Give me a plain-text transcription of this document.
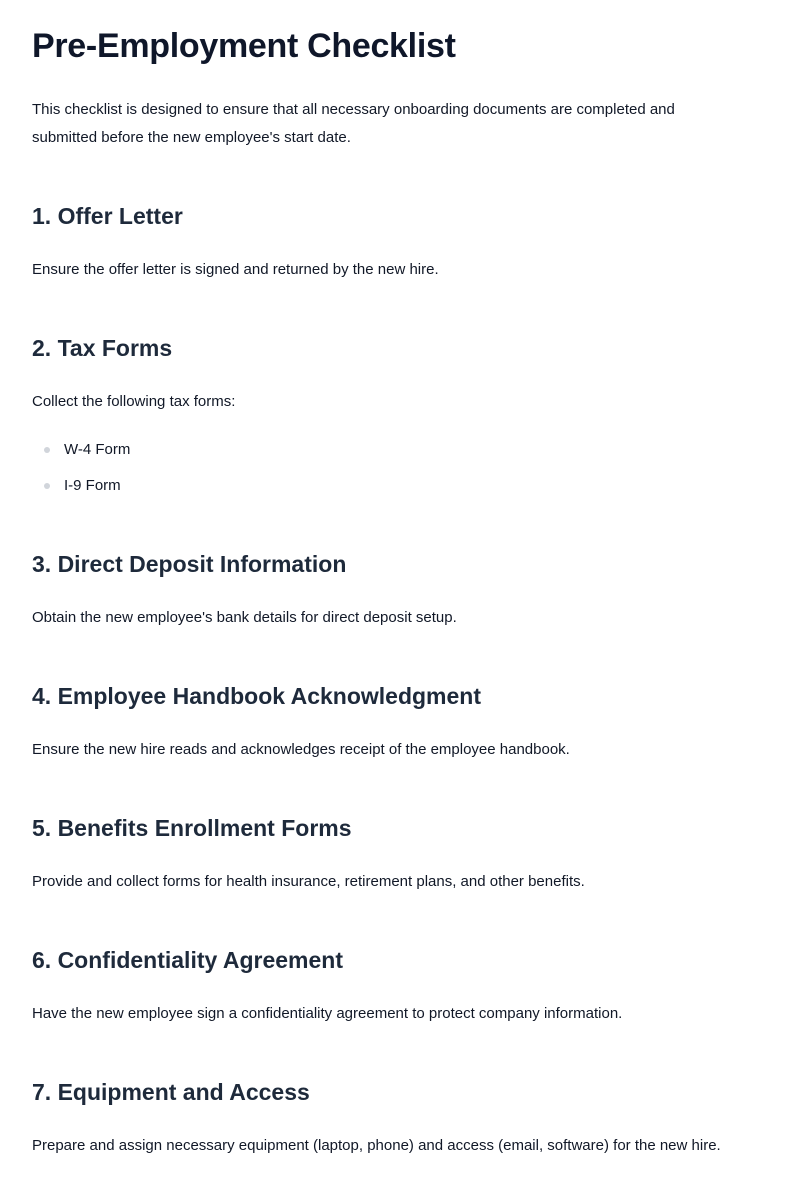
Pre-Employment Checklist

This checklist is designed to ensure that all necessary onboarding documents are completed and submitted before the new employee's start date.

1. Offer Letter

Ensure the offer letter is signed and returned by the new hire.

2. Tax Forms

Collect the following tax forms:

W-4 Form
I-9 Form
3. Direct Deposit Information

Obtain the new employee's bank details for direct deposit setup.

4. Employee Handbook Acknowledgment

Ensure the new hire reads and acknowledges receipt of the employee handbook.

5. Benefits Enrollment Forms

Provide and collect forms for health insurance, retirement plans, and other benefits.

6. Confidentiality Agreement

Have the new employee sign a confidentiality agreement to protect company information.

7. Equipment and Access

Prepare and assign necessary equipment (laptop, phone) and access (email, software) for the new hire.
